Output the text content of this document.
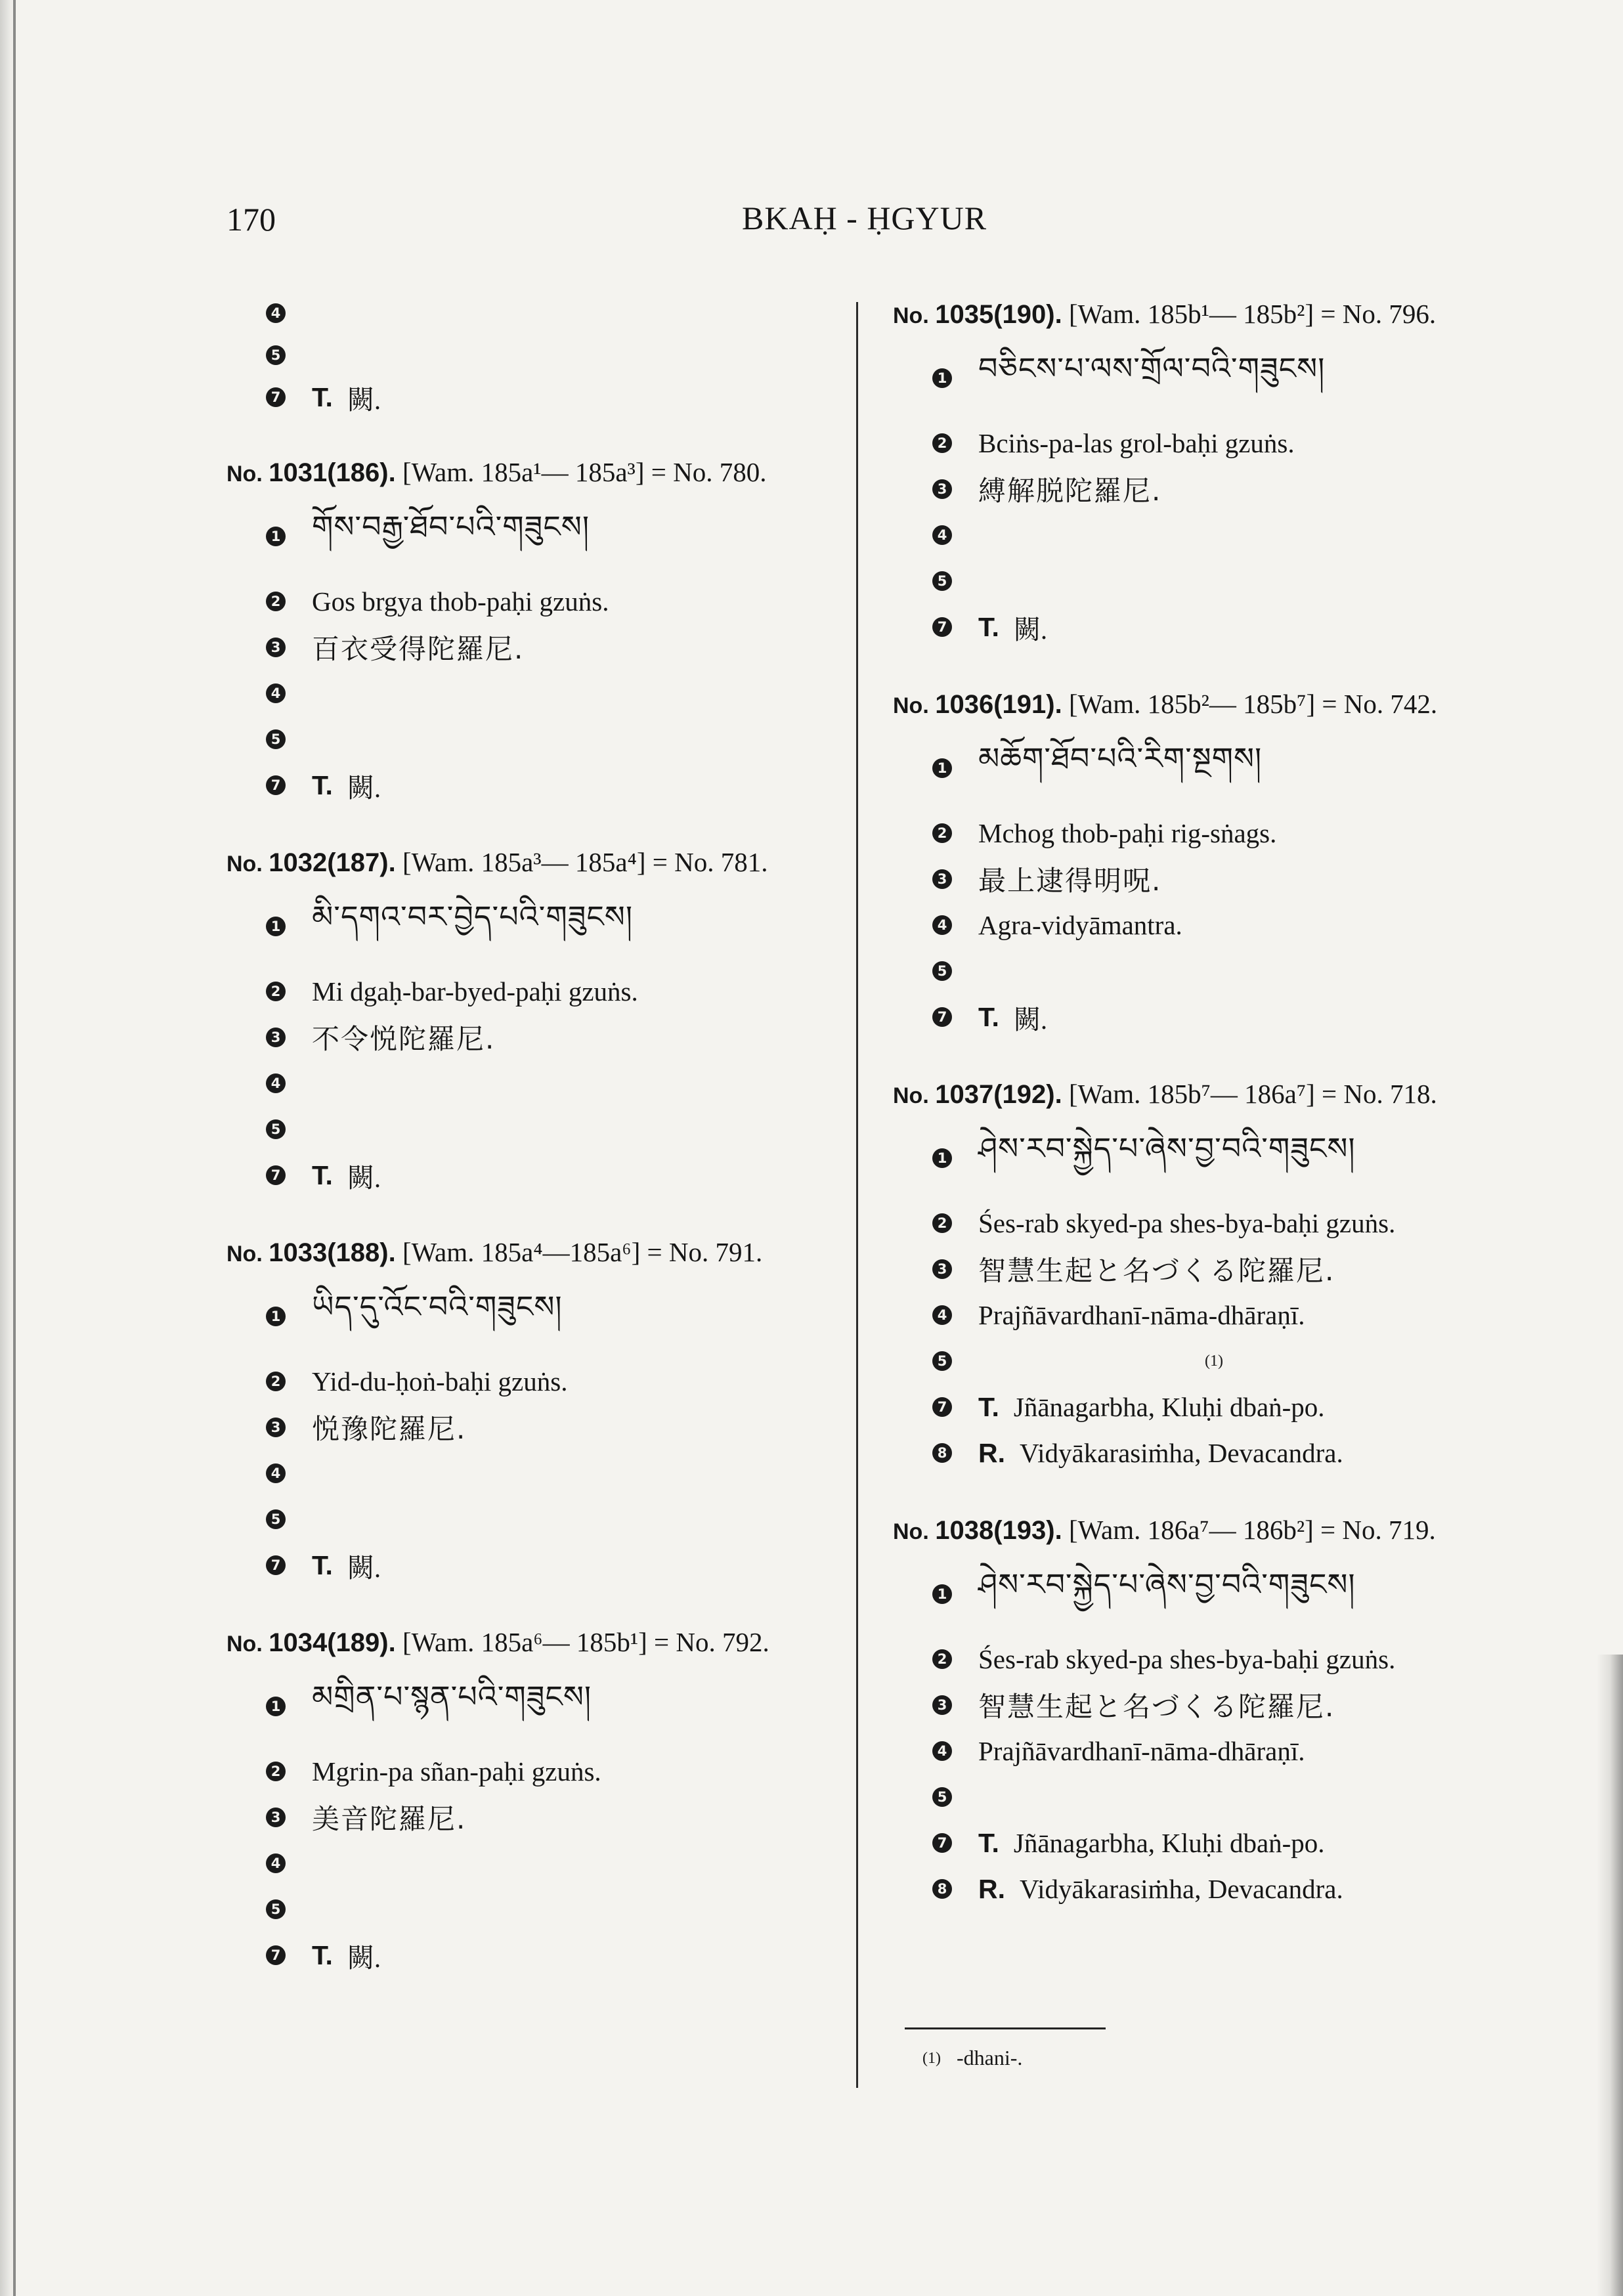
170	BKAḤ - ḤGYUR
4
5
7 T. 闕.
No. 1031(186). [Wam. 185a¹— 185a³] = No. 780.
1 གོས་བརྒྱ་ཐོབ་པའི་གཟུངས།
2 Gos brgya thob-paḥi gzuṅs.
3 百衣受得陀羅尼.
4
5
7 T. 闕.
No. 1032(187). [Wam. 185a³— 185a⁴] = No. 781.
1 མི་དགའ་བར་བྱེད་པའི་གཟུངས།
2 Mi dgaḥ-bar-byed-paḥi gzuṅs.
3 不令悦陀羅尼.
4
5
7 T. 闕.
No. 1033(188). [Wam. 185a⁴—185a⁶] = No. 791.
1 ཡིད་དུ་འོང་བའི་གཟུངས།
2 Yid-du-ḥoṅ-baḥi gzuṅs.
3 悦豫陀羅尼.
4
5
7 T. 闕.
No. 1034(189). [Wam. 185a⁶— 185b¹] = No. 792.
1 མགྲིན་པ་སྙན་པའི་གཟུངས།
2 Mgrin-pa sñan-paḥi gzuṅs.
3 美音陀羅尼.
4
5
7 T. 闕.
No. 1035(190). [Wam. 185b¹— 185b²] = No. 796.
1 བཅིངས་པ་ལས་གྲོལ་བའི་གཟུངས།
2 Bciṅs-pa-las grol-baḥi gzuṅs.
3 縛解脱陀羅尼.
4
5
7 T. 闕.
No. 1036(191). [Wam. 185b²— 185b⁷] = No. 742.
1 མཆོག་ཐོབ་པའི་རིག་སྔགས།
2 Mchog thob-paḥi rig-sṅags.
3 最上逮得明呪.
4 Agra-vidyāmantra.
5
7 T. 闕.
No. 1037(192). [Wam. 185b⁷— 186a⁷] = No. 718.
1 ཤེས་རབ་སྐྱེད་པ་ཞེས་བྱ་བའི་གཟུངས།
2 Śes-rab skyed-pa shes-bya-baḥi gzuṅs.
3 智慧生起と名づくる陀羅尼.
4 Prajñāvardhanī-nāma-dhāraṇī.
5
7 T. Jñānagarbha, Kluḥi dbaṅ-po.
8 R. Vidyākarasiṁha, Devacandra.
No. 1038(193). [Wam. 186a⁷— 186b²] = No. 719.
1 ཤེས་རབ་སྐྱེད་པ་ཞེས་བྱ་བའི་གཟུངས།
2 Śes-rab skyed-pa shes-bya-baḥi gzuṅs.
3 智慧生起と名づくる陀羅尼.
4 Prajñāvardhanī-nāma-dhāraṇī.
5
7 T. Jñānagarbha, Kluḥi dbaṅ-po.
8 R. Vidyākarasiṁha, Devacandra.
(1)
(1) -dhani-.
